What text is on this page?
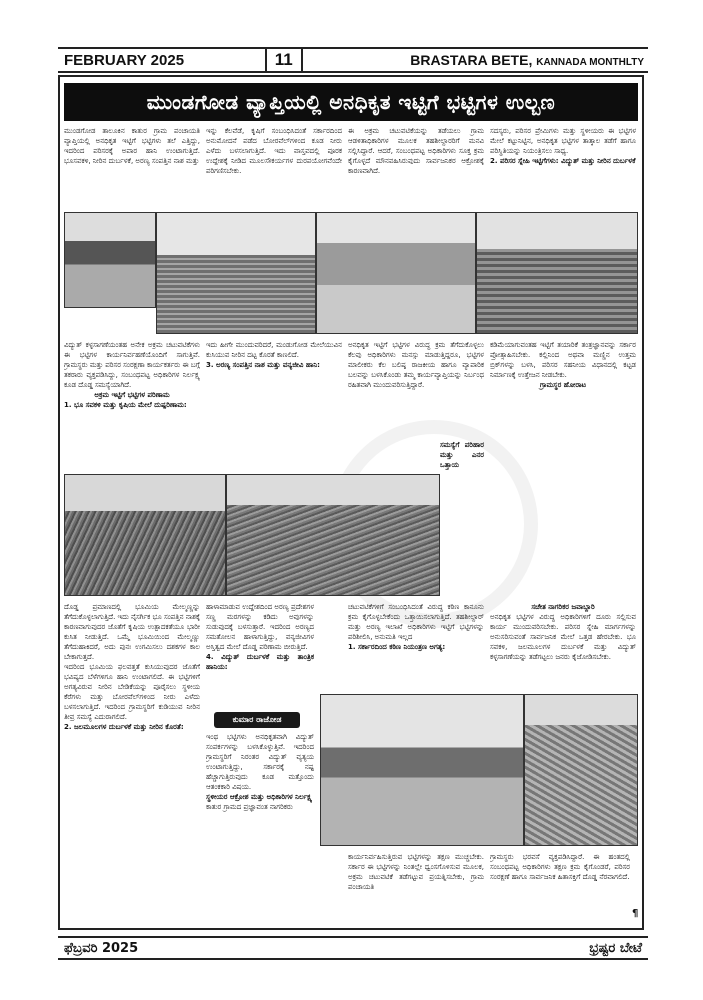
FEBRUARY 2025	11	BRASTARA BETE, KANNADA MONTHLTY
ಮುಂಡಗೋಡ ವ್ಯಾಪ್ತಿಯಲ್ಲಿ ಅನಧಿಕೃತ ಇಟ್ಟಿಗೆ ಭಟ್ಟಿಗಳ ಉಲ್ಬಣ

ಮುಂಡಗೋಡ ತಾಲೂಕಿನ ಕಾತುರ ಗ್ರಾಮ ಪಂಚಾಯತಿ ವ್ಯಾಪ್ತಿಯಲ್ಲಿ ಅನಧಿಕೃತ ಇಟ್ಟಿಗೆ ಭಟ್ಟಿಗಳು ತಲೆ ಎತ್ತಿದ್ದು, ಇದರಿಂದ ಪರಿಸರಕ್ಕೆ ಅಪಾರ ಹಾನಿ ಉಂಟಾಗುತ್ತಿದೆ. ಭೂಸವಕಳಿ, ನೀರಿನ ದುರ್ಬಳಕೆ, ಅರಣ್ಯ ಸಂಪತ್ತಿನ ನಾಶ ಮತ್ತು

ಇನ್ನು ಕೆಲವೆಡೆ, ಕೃಷಿಗೆ ಸಂಬಂಧಿಸಿದಂತೆ ಸರ್ಕಾರದಿಂದ ಅನುಮೋದನೆ ಪಡೆದ ಬೋರವೆಲ್‌ಗಳಿಂದ ಕೂಡ ನೀರು ಎಳೆದು ಬಳಸಲಾಗುತ್ತಿದೆ. ಇದು ವಾಸ್ತವದಲ್ಲಿ ಪೂರಕ ಉದ್ದೇಶಕ್ಕೆ ನೀಡಿದ ಮೂಲಸೌಕರ್ಯಗಳ ದುರಪಯೋಗವೆಂದೇ ಪರಿಗಣಿಸಬೇಕು.

ಈ ಅಕ್ರಮ ಚಟುವಟಿಕೆಯನ್ನು ತಡೆಯಲು ಗ್ರಾಮ ಆಡಳಿತಾಧಿಕಾರಿಗಳ ಮೂಲಕ ತಹಶೀಲ್ದಾರರಿಗೆ ಮನವಿ ಸಲ್ಲಿಸಿದ್ದಾರೆ. ಆದರೆ, ಸಂಬಂಧಪಟ್ಟ ಅಧಿಕಾರಿಗಳು ಸೂಕ್ತ ಕ್ರಮ ಕೈಗೊಳ್ಳದೆ ಮೌನವಹಿಸಿರುವುದು ಸಾರ್ವಜನಿಕರ ಆಕ್ರೋಶಕ್ಕೆ ಕಾರಣವಾಗಿದೆ.

ಸದಸ್ಯರು, ಪರಿಸರ ಪ್ರೇಮಿಗಳು ಮತ್ತು ಸ್ಥಳೀಯರು ಈ ಭಟ್ಟಿಗಳ ಮೇಲೆ ಕಟ್ಟುನಿಟ್ಟಿನ, ಅನಧಿಕೃತ ಭಟ್ಟಿಗಳ ತಾತ್ಕಾಲ ತಡೆಗೆ ಹಾಗೂ ಪರಿಸ್ಥಿತಿಯನ್ನು ನಿಯಂತ್ರಿಸಲು ಸಾಧ್ಯ.

2. ಪರಿಸರ ಸ್ನೇಹಿ ಇಟ್ಟಿಗೆಗಳು: ವಿದ್ಯುತ್ ಮತ್ತು ನೀರಿನ ದುರ್ಬಳಕೆ

ವಿದ್ಯುತ್ ಕಳ್ಳಸಾಗಣೆಯಂತಹ ಅನೇಕ ಅಕ್ರಮ ಚಟುವಟಿಕೆಗಳು ಈ ಭಟ್ಟಿಗಳ ಕಾರ್ಯನಿರ್ವಹಣೆಯೊಂದಿಗೆ ಸಾಗುತ್ತಿವೆ. ಗ್ರಾಮಸ್ಥರು ಮತ್ತು ಪರಿಸರ ಸಂರಕ್ಷಣಾ ಕಾರ್ಯಕರ್ತರು ಈ ಬಗ್ಗೆ ತಕರಾರು ವ್ಯಕ್ತಪಡಿಸಿದ್ದು, ಸಂಬಂಧಪಟ್ಟ ಅಧಿಕಾರಿಗಳ ನಿರ್ಲಕ್ಷ್ಯ ಕೂಡ ದೊಡ್ಡ ಸಮಸ್ಯೆಯಾಗಿದೆ.

ಅಕ್ರಮ ಇಟ್ಟಿಗೆ ಭಟ್ಟಿಗಳ ಪರಿಣಾಮ

1. ಭೂ ಸವಕಳಿ ಮತ್ತು ಕೃಷಿಯ ಮೇಲೆ ದುಷ್ಪರಿಣಾಮ:

ಇದು ಹೀಗೇ ಮುಂದುವರಿದರೆ, ಮಂಡುಗೋಡ ಮೇಲೆಯುವಿನ ಕುಸಿಯುವ ನೀರಿನ ದಟ್ಟ ಕೊರತೆ ಕಾಣಲಿದೆ.

3. ಅರಣ್ಯ ಸಂಪತ್ತಿನ ನಾಶ ಮತ್ತು ವನ್ಯಜೀವಿ ಹಾನಿ:

ಅನಧಿಕೃತ ಇಟ್ಟಿಗೆ ಭಟ್ಟಿಗಳ ವಿರುದ್ಧ ಕ್ರಮ ತೆಗೆದುಕೊಳ್ಳಲು ಕೆಲವು ಅಧಿಕಾರಿಗಳು ಮನಸ್ಸು ಮಾಡುತ್ತಿದ್ದರೂ, ಭಟ್ಟಿಗಳ ಮಾಲೀಕರು ಕೆಲ ಬಲಿಷ್ಠ ರಾಜಕೀಯ ಹಾಗೂ ವ್ಯಾಪಾರಿಕ ಬಲವನ್ನು ಬಳಸಿಕೊಂಡು ತಮ್ಮ ಕಾರ್ಯವ್ಯಾಪ್ತಿಯನ್ನು ನಿರ್ಬಂಧ ರಹಿತವಾಗಿ ಮುಂದುವರಿಸುತ್ತಿದ್ದಾರೆ.

ಕಡಿಮೆಯಾಗುವಂತಹ ಇಟ್ಟಿಗೆ ತಯಾರಿಕೆ ತಂತ್ರಜ್ಞಾನವನ್ನು ಸರ್ಕಾರ ಪ್ರೋತ್ಸಾಹಿಸಬೇಕು. ಕಲ್ಲಿನಿಂದ ಅಥವಾ ಮಣ್ಣಿನ ಉತ್ತಮ ಬ್ರಿಕ್‌ಗಳನ್ನು ಬಳಸಿ, ಪರಿಸರ ಸಹನೀಯ ವಿಧಾನದಲ್ಲಿ ಕಟ್ಟಡ ನಿರ್ಮಾಣಕ್ಕೆ ಉತ್ತೇಜನ ನೀಡಬೇಕು.

ಗ್ರಾಮಸ್ಥರ ಹೋರಾಟ

ಸಮಸ್ಯೆಗೆ ಪರಿಹಾರ ಮತ್ತು ಎನರ ಒತ್ತಾಯ

ದೊಡ್ಡ ಪ್ರಮಾಣದಲ್ಲಿ ಭೂಮಿಯ ಮೇಲ್ಮಣ್ಣನ್ನು ತೆಗೆದುಕೊಳ್ಳಲಾಗುತ್ತಿದೆ. ಇದು ನೈಸರ್ಗಿಕ ಭೂ ಸಂಪತ್ತಿನ ನಾಶಕ್ಕೆ ಕಾರಣವಾಗುವುದರ ಜೊತೆಗೆ ಕೃಷಿಯ ಉತ್ಪಾದಕತೆಯೂ ಭಾರೀ ಕುಸಿತ ನೀಡುತ್ತಿದೆ. ಒಮ್ಮೆ ಭೂಮಿಯಿಂದ ಮೇಲ್ಮಣ್ಣು ತೆಗೆದುಹಾಕಿದರೆ, ಅದು ಪುನಃ ಉಗಮಿಸಲು ದಶಕಗಳ ಕಾಲ ಬೇಕಾಗುತ್ತದೆ.

ಇದರಿಂದ ಭೂಮಿಯ ಫಲವತ್ತತೆ ಕುಸಿಯುವುದರ ಜೊತೆಗೆ ಭವಿಷ್ಯದ ಬೆಳೆಗಳಿಗೂ ಹಾನಿ ಉಂಟಾಗಲಿದೆ. ಈ ಭಟ್ಟಿಗಳಿಗೆ ಅಗತ್ಯವಿರುವ ನೀರಿನ ಬೇಡಿಕೆಯನ್ನು ಪೂರೈಸಲು ಸ್ಥಳೀಯ ಕೆರೆಗಳು ಮತ್ತು ಬೋರವೆಲ್‌ಗಳಿಂದ ನೀರು ಎಳೆದು ಬಳಸಲಾಗುತ್ತಿದೆ. ಇದರಿಂದ ಗ್ರಾಮಸ್ಥರಿಗೆ ಕುಡಿಯುವ ನೀರಿನ ತೀವ್ರ ಸಮಸ್ಯೆ ಎದುರಾಗಲಿದೆ.

2. ಜಲಮೂಲಗಳ ದುರ್ಬಳಕೆ ಮತ್ತು ನೀರಿನ ಕೊರತೆ:

ಹಾಳಾಮಾಡುವ ಉದ್ದೇಶದಿಂದ ಅರಣ್ಯ ಪ್ರದೇಶಗಳ ಸಣ್ಣ ಮರಗಳನ್ನು ಕಡಿದು ಅವುಗಳನ್ನು ಸುಡುವುದಕ್ಕೆ ಬಳಸುತ್ತಾರೆ. ಇದರಿಂದ ಅರಣ್ಯದ ಸಮತೋಲನ ಹಾಳಾಗುತ್ತಿದ್ದು, ವನ್ಯಜೀವಿಗಳ ಅಸ್ತಿತ್ವದ ಮೇಲೆ ದೊಡ್ಡ ಪರಿಣಾಮ ಬೀರುತ್ತಿದೆ.

4. ವಿದ್ಯುತ್ ದುರ್ಬಳಕೆ ಮತ್ತು ತಾಂತ್ರಿಕ ಹಾನಿಯ:

ಕುಮಾರ ರಾಜೋಡ

ಇಂಥ ಭಟ್ಟಿಗಳು ಅನಧಿಕೃತವಾಗಿ ವಿದ್ಯುತ್ ಸಂಪರ್ಕಗಳನ್ನು ಬಳಸಿಕೊಳ್ಳುತ್ತಿವೆ. ಇದರಿಂದ ಗ್ರಾಮಸ್ಥರಿಗೆ ನಿರಂತರ ವಿದ್ಯುತ್ ವ್ಯತ್ಯಯ ಉಂಟಾಗುತ್ತಿದ್ದು, ಸರ್ಕಾರಕ್ಕೆ ನಷ್ಟ ಹೆಚ್ಚಾಗುತ್ತಿರುವುದು ಕೂಡ ಮತ್ತೊಂದು ಆತಂಕಕಾರಿ ವಿಷಯ.

ಸ್ಥಳೀಯರ ಆಕ್ರೋಶ ಮತ್ತು ಅಧಿಕಾರಿಗಳ ನಿರ್ಲಕ್ಷ್ಯ

ಕಾತುರ ಗ್ರಾಮದ ಪ್ರಜ್ಞಾವಂತ ನಾಗರಿಕರು

ಚಟುವಟಿಕೆಗಳಿಗೆ ಸಂಬಂಧಿಸಿದಂತೆ ವಿರುದ್ಧ ಕಠಿಣ ಕಾನೂನು ಕ್ರಮ ಕೈಗೊಳ್ಳಬೇಕೆಂದು ಒತ್ತಾಯಿಸಲಾಗುತ್ತಿದೆ. ತಹಶೀಲ್ದಾರ್ ಮತ್ತು ಅರಣ್ಯ ಇಲಾಖೆ ಅಧಿಕಾರಿಗಳು ಇಟ್ಟಿಗೆ ಭಟ್ಟಿಗಳನ್ನು ಪರಿಶೀಲಿಸಿ, ಅನುಮತಿ ಇಲ್ಲದ

1. ಸರ್ಕಾರದಿಂದ ಕಠಿಣ ನಿಯಂತ್ರಣ ಅಗತ್ಯ:

ಸಚೇತ ನಾಗರಿಕರ ಜವಾಬ್ದಾರಿ

ಅನಧಿಕೃತ ಭಟ್ಟಿಗಳ ವಿರುದ್ಧ ಅಧಿಕಾರಿಗಳಿಗೆ ದೂರು ಸಲ್ಲಿಸುವ ಕಾರ್ಯ ಮುಂದುವರಿಸಬೇಕು. ಪರಿಸರ ಸ್ನೇಹಿ ಮಾರ್ಗಗಳನ್ನು ಅನುಸರಿಸುವಂತೆ ಸಾರ್ವಜನಿಕ ಮೇಲೆ ಒತ್ತಡ ಹೇರಬೇಕು. ಭೂ ಸವಕಳಿ, ಜಲಮೂಲಗಳ ದುರ್ಬಳಕೆ ಮತ್ತು ವಿದ್ಯುತ್ ಕಳ್ಳಸಾಗಣೆಯನ್ನು ತಡೆಗಟ್ಟಲು ಜನರು ಕೈಜೋಡಿಸಬೇಕು.

ಕಾರ್ಯನಿರ್ವಹಿಸುತ್ತಿರುವ ಭಟ್ಟಿಗಳನ್ನು ತಕ್ಷಣ ಮುಚ್ಚಬೇಕು. ಸರ್ಕಾರ ಈ ಭಟ್ಟಿಗಳನ್ನು ನಿಂತಲ್ಲೇ ಧ್ವಂಸಗೊಳಿಸುವ ಮೂಲಕ, ಅಕ್ರಮ ಚಟುವಟಿಕೆ ತಡೆಗಟ್ಟುವ ಪ್ರಯತ್ನಿಸಬೇಕು, ಗ್ರಾಮ ಪಂಚಾಯತಿ

ಗ್ರಾಮಸ್ಥರು ಭರವಸೆ ವ್ಯಕ್ತಪಡಿಸಿದ್ದಾರೆ. ಈ ಹಂತದಲ್ಲಿ ಸಂಬಂಧಪಟ್ಟ ಅಧಿಕಾರಿಗಳು ತಕ್ಷಣ ಕ್ರಮ ಕೈಗೊಂಡರೆ, ಪರಿಸರ ಸಂರಕ್ಷಣೆ ಹಾಗೂ ಸಾರ್ವಜನಿಕ ಹಿತಾಸಕ್ತಿಗೆ ದೊಡ್ಡ ನೆರವಾಗಲಿದೆ.

¶
ಫೆಬ್ರವರಿ 2025	ಭ್ರಷ್ಟರ ಬೇಟೆ
